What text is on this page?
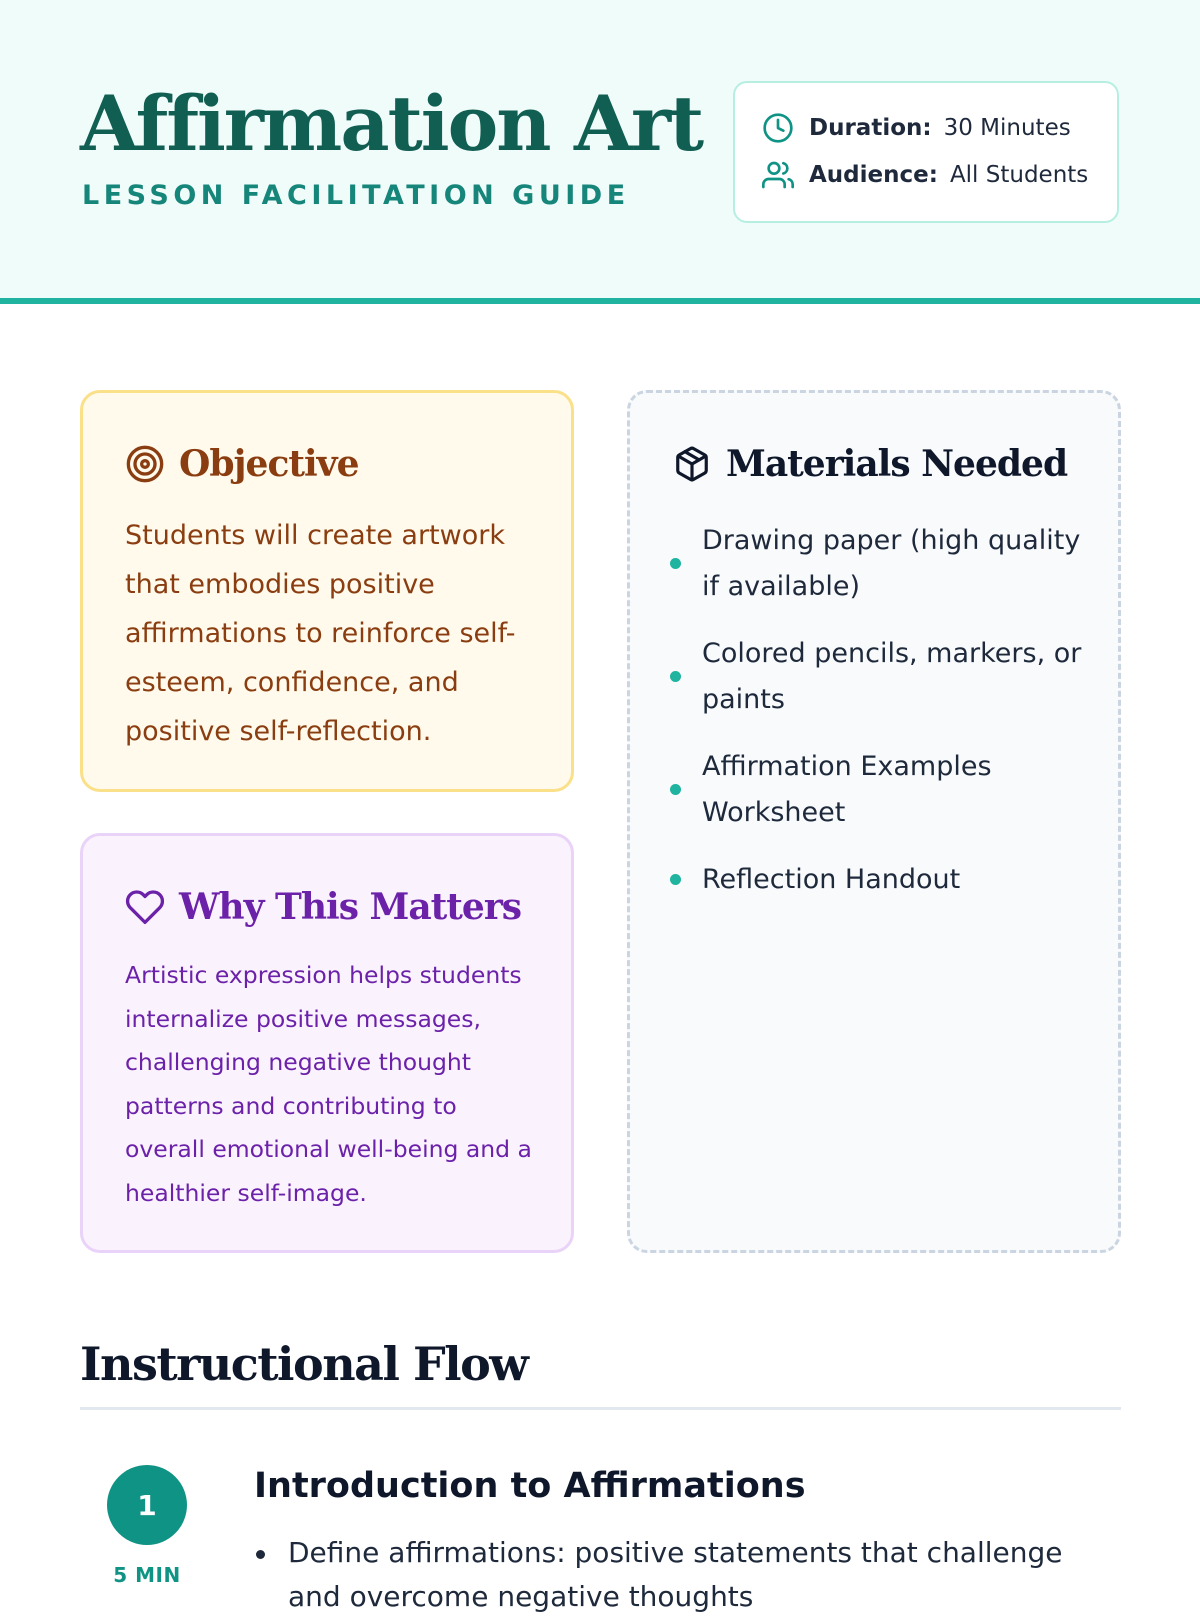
Affirmation Art
LESSON FACILITATION GUIDE
Duration: 30 Minutes
Audience: All Students
Objective
Students will create artwork that embodies positive affirmations to reinforce self-esteem, confidence, and positive self-reflection.
Why This Matters
Artistic expression helps students internalize positive messages, challenging negative thought patterns and contributing to overall emotional well-being and a healthier self-image.
Materials Needed
Drawing paper (high quality if available)
Colored pencils, markers, or paints
Affirmation Examples Worksheet
Reflection Handout
Instructional Flow
1
5 MIN
Introduction to Affirmations
Define affirmations: positive statements that challenge and overcome negative thoughts
